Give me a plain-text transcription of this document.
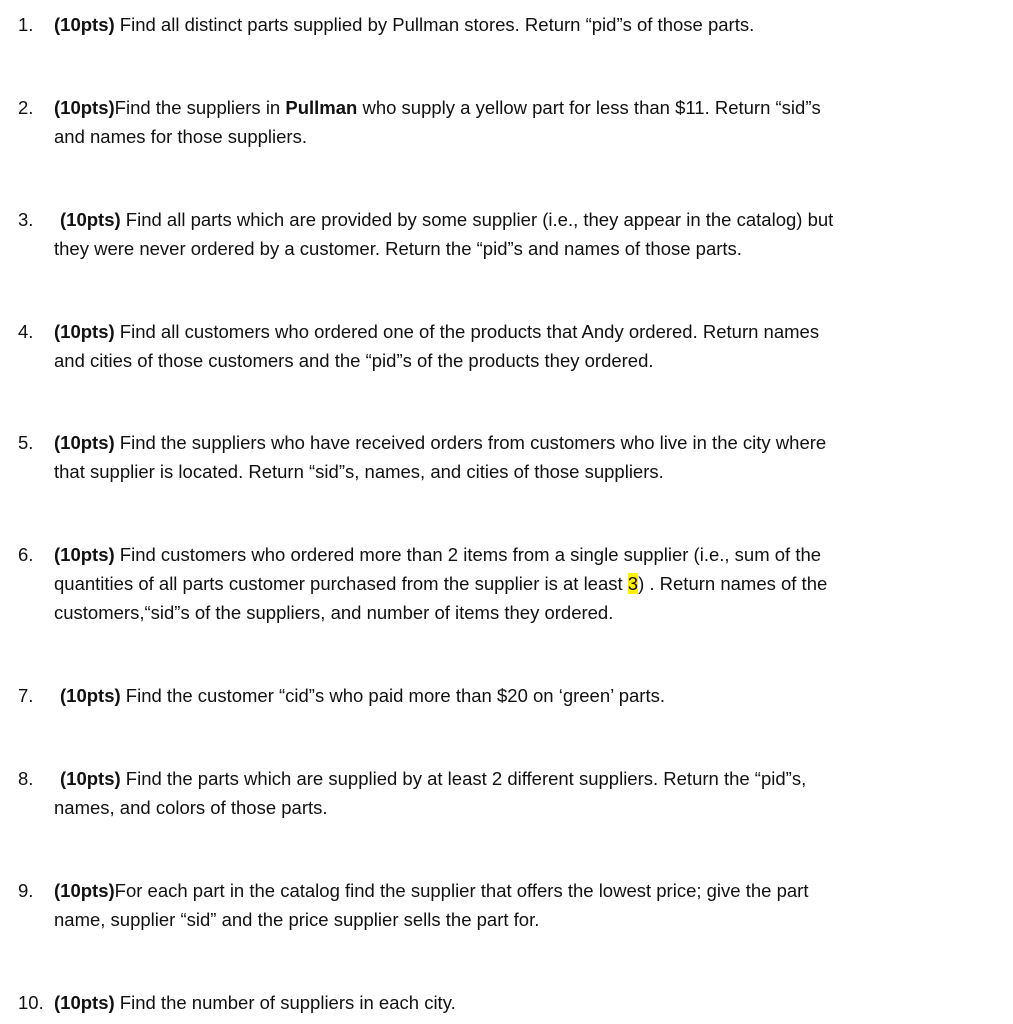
1. (10pts) Find all distinct parts supplied by Pullman stores. Return “pid”s of those parts.
2. (10pts)Find the suppliers in Pullman who supply a yellow part for less than $11. Return “sid”s
and names for those suppliers.
3.	(10pts) Find all parts which are provided by some supplier (i.e., they appear in the catalog) but
they were never ordered by a customer. Return the “pid”s and names of those parts.
4. (10pts) Find all customers who ordered one of the products that Andy ordered. Return names
and cities of those customers and the “pid”s of the products they ordered.
5. (10pts) Find the suppliers who have received orders from customers who live in the city where
that supplier is located. Return “sid”s, names, and cities of those suppliers.
6. (10pts) Find customers who ordered more than 2 items from a single supplier (i.e., sum of the
quantities of all parts customer purchased from the supplier is at least 3) . Return names of the
customers,“sid”s of the suppliers, and number of items they ordered.
7.	(10pts) Find the customer “cid”s who paid more than $20 on ‘green’ parts.
8.	(10pts) Find the parts which are supplied by at least 2 different suppliers. Return the “pid”s,
names, and colors of those parts.
9. (10pts)For each part in the catalog find the supplier that offers the lowest price; give the part
name, supplier “sid” and the price supplier sells the part for.
10. (10pts) Find the number of suppliers in each city.
